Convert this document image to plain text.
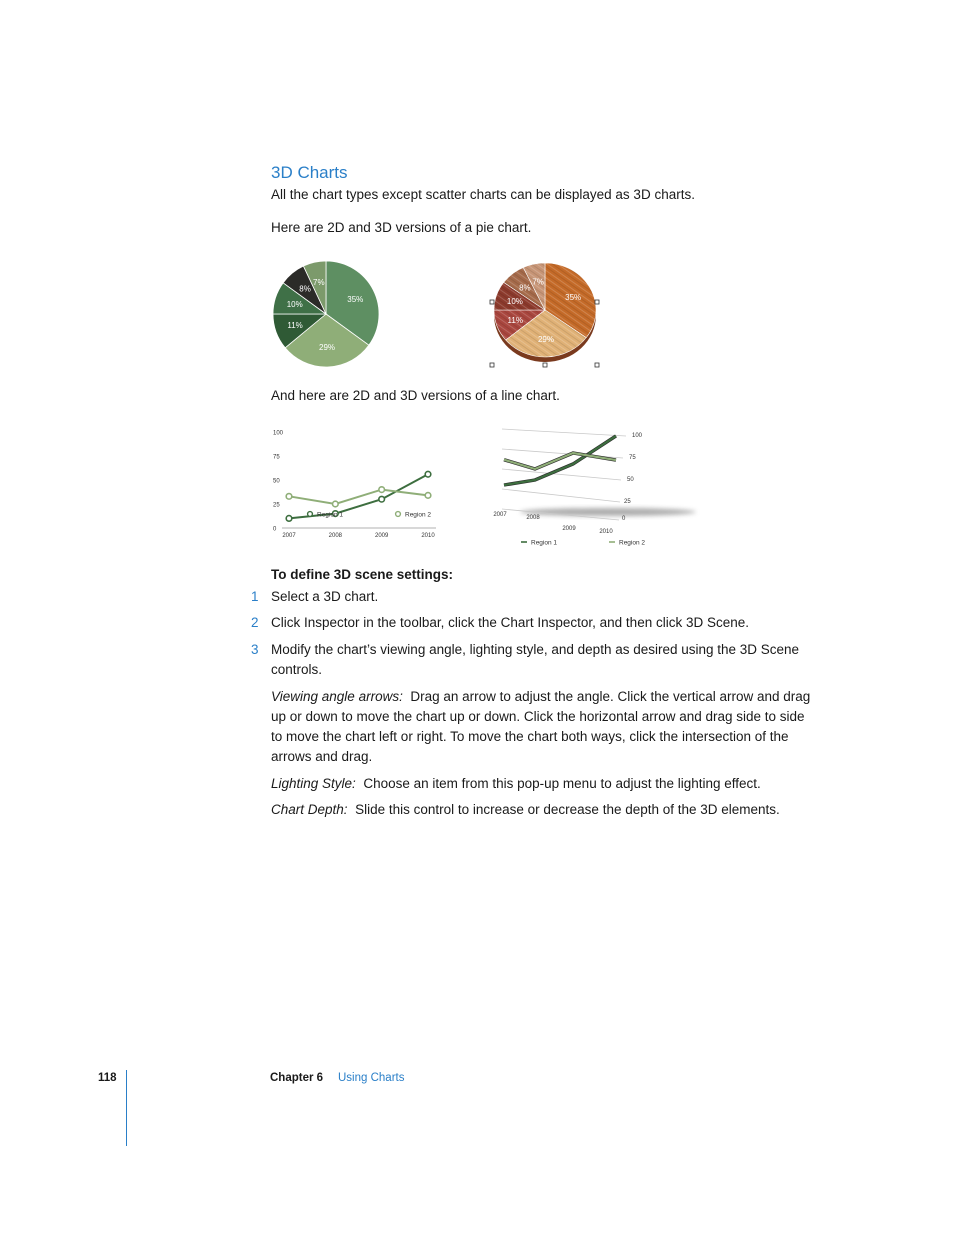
3D Charts
All the chart types except scatter charts can be displayed as 3D charts.
Here are 2D and 3D versions of a pie chart.
35%
29%
11%
10%
8%
7%
35%
29%
11%
10%
8%
7%
And here are 2D and 3D versions of a line chart.
0
25
50
75
100
2007	2008	2009	2010
Region 1	Region 2
100
75
50
25
0
2007	2008
2009	2010
Region 1	Region 2
To define 3D scene settings:
1 Select a 3D chart.
2 Click Inspector in the toolbar, click the Chart Inspector, and then click 3D Scene.
3 Modify the chart’s viewing angle, lighting style, and depth as desired using the 3D Scene controls.
Viewing angle arrows: Drag an arrow to adjust the angle. Click the vertical arrow and drag up or down to move the chart up or down. Click the horizontal arrow and drag side to side to move the chart left or right. To move the chart both ways, click the intersection of the arrows and drag.
Lighting Style: Choose an item from this pop-up menu to adjust the lighting effect.
Chart Depth: Slide this control to increase or decrease the depth of the 3D elements.
118	Chapter 6 Using Charts
